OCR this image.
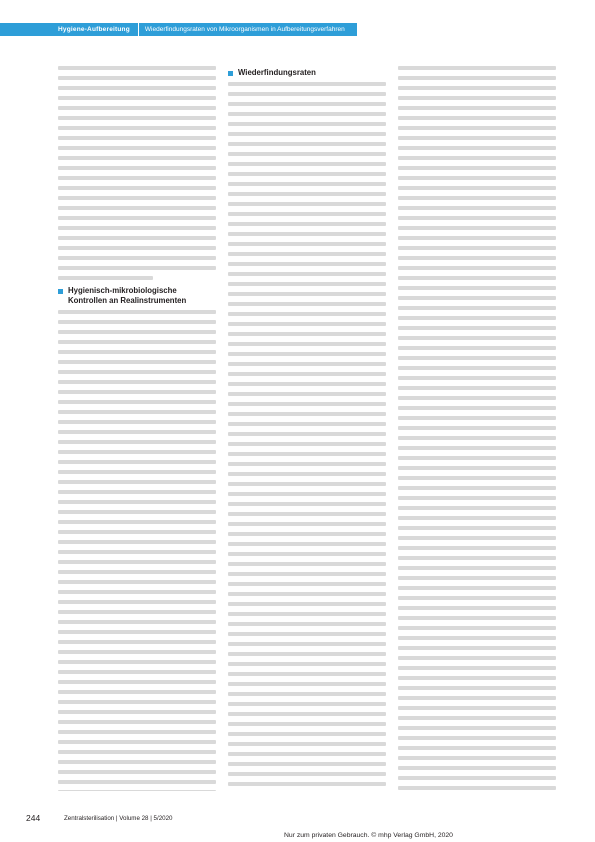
Hygiene-Aufbereitung	Wiederfindungsraten von Mikroorganismen in Aufbereitungsverfahren
Hygienisch-mikrobiologische Kontrollen an Realinstrumenten
Wiederfindungsraten
244	Zentralsterilisation | Volume 28 | 5/2020
Nur zum privaten Gebrauch. © mhp Verlag GmbH, 2020
